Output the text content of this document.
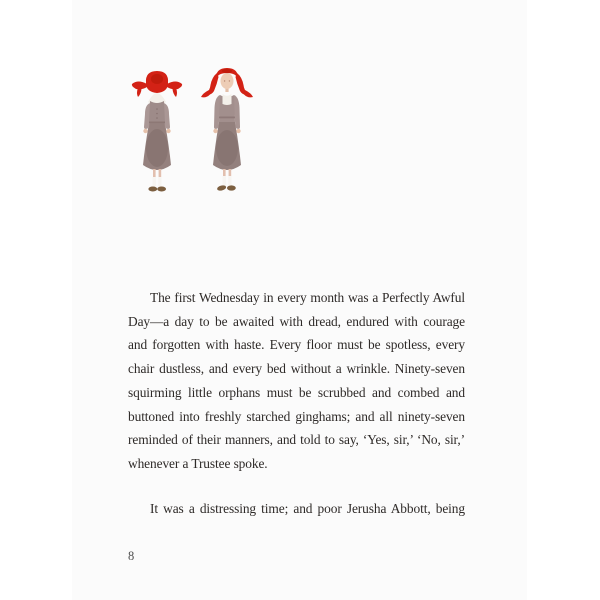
The first Wednesday in every month was a Perfectly Awful
Day—a day to be awaited with dread, endured with courage
and forgotten with haste. Every floor must be spotless, every
chair dustless, and every bed without a wrinkle. Ninety-seven
squirming little orphans must be scrubbed and combed and
buttoned into freshly starched ginghams; and all ninety-seven
reminded of their manners, and told to say, ‘Yes, sir,’ ‘No, sir,’
whenever a Trustee spoke.
It was a distressing time; and poor Jerusha Abbott, being
8
